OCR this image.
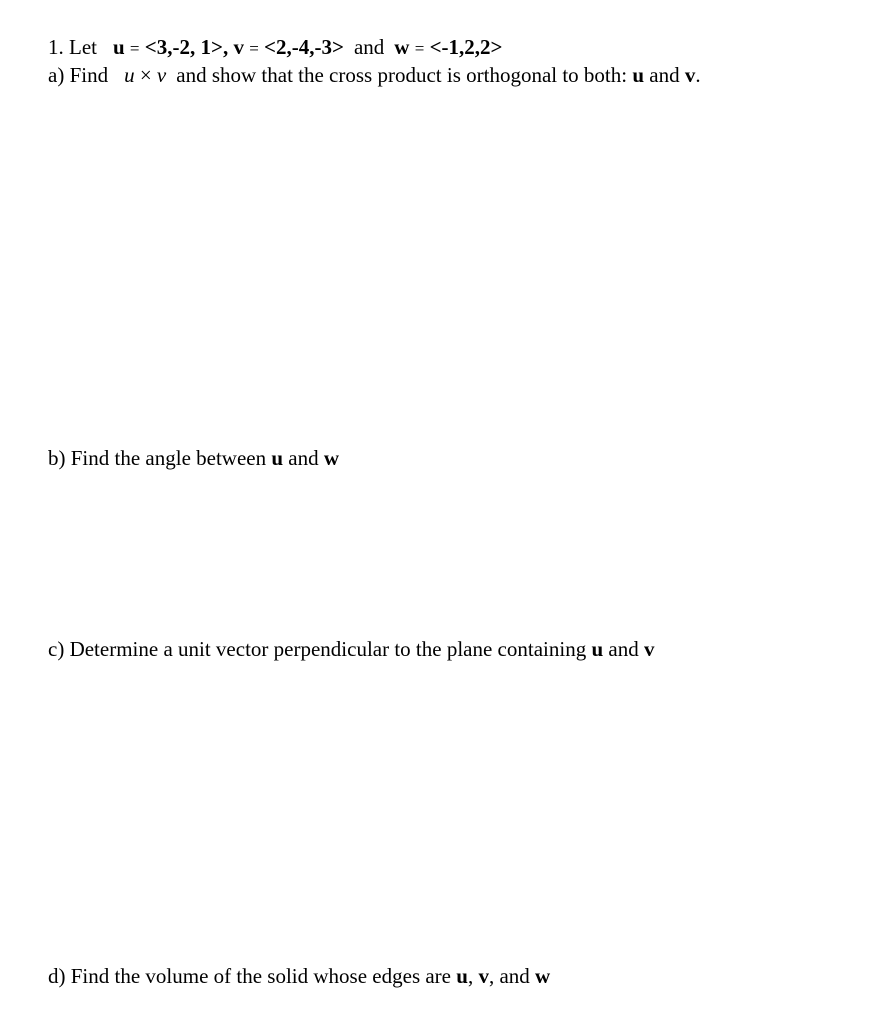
1. Let u = <3,-2, 1>, v = <2,-4,-3> and w = <-1,2,2>
a) Find u × v and show that the cross product is orthogonal to both: u and v.
b) Find the angle between u and w
c) Determine a unit vector perpendicular to the plane containing u and v
d) Find the volume of the solid whose edges are u, v, and w
